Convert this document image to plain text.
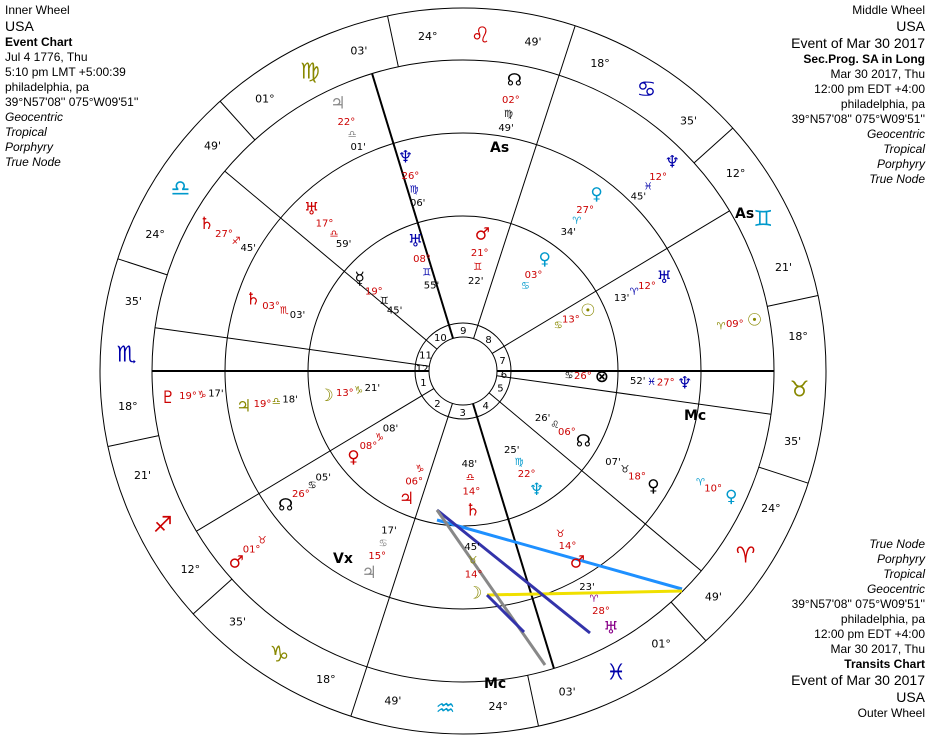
Inner Wheel
USA
Event Chart
Jul 4 1776, Thu
5:10 pm LMT +5:00:39
philadelphia, pa
39°N57'08'' 075°W09'51''
Geocentric
Tropical
Porphyry
True Node
Middle Wheel
USA
Event of Mar 30 2017
Sec.Prog. SA in Long
Mar 30 2017, Thu
12:00 pm EDT +4:00
philadelphia, pa
39°N57'08'' 075°W09'51''
Geocentric
Tropical
Porphyry
True Node
True Node
Porphyry
Tropical
Geocentric
39°N57'08'' 075°W09'51''
philadelphia, pa
12:00 pm EDT +4:00
Mar 30 2017, Thu
Transits Chart
Event of Mar 30 2017
USA
Outer Wheel
♐
12°
21'
♑
18°
35'
♒	24°
49'
♓
01°
03'
♈
24°
49'
♉
18°
35'
♊
12°
21'
♋
18°
35'
♌
24°	49'
♍
01°
03'
♎
24°
49'
♏
18°
35'
1
2
3
4
5
6
7
8
9
10
11
12
☽ 13° ♑ 21'
♀
08°
♑
08'
♃
06°
♑
♄
14°
♎
48'
♆
22°
♍
25'	☊
06°
♌
26'
⊗
26°
♋
☉
13°
♋
♀
03°
♋
♂
21°
♊
22'
♅
08°
♊
55'
☿
19°
♊
45'
♆
26°
♍
06'
♅
17°
♎
59'
♄ 03° ♏ 03'
♃ 19° ♎ 18'
☊
26°
♋
05'
♃
15°
♋
17'
☽
14°
♉
45'
♂
14°
♉
♀
18°
♉
07'
♆
27°
♓
52'
♅
12°
♈
13'
♀
27°
♈
34'
♅
28°
♈
23'
♀
10°
♈
☉
09°
♈
♆
12°
♓
45'
☊
02°
♍
49'
♃
22°
♎
01'
♄
27°
♐
45'
♇ 19° ♑ 17'
♂
01°
♉
As
Mc
Vx
As
Mc
